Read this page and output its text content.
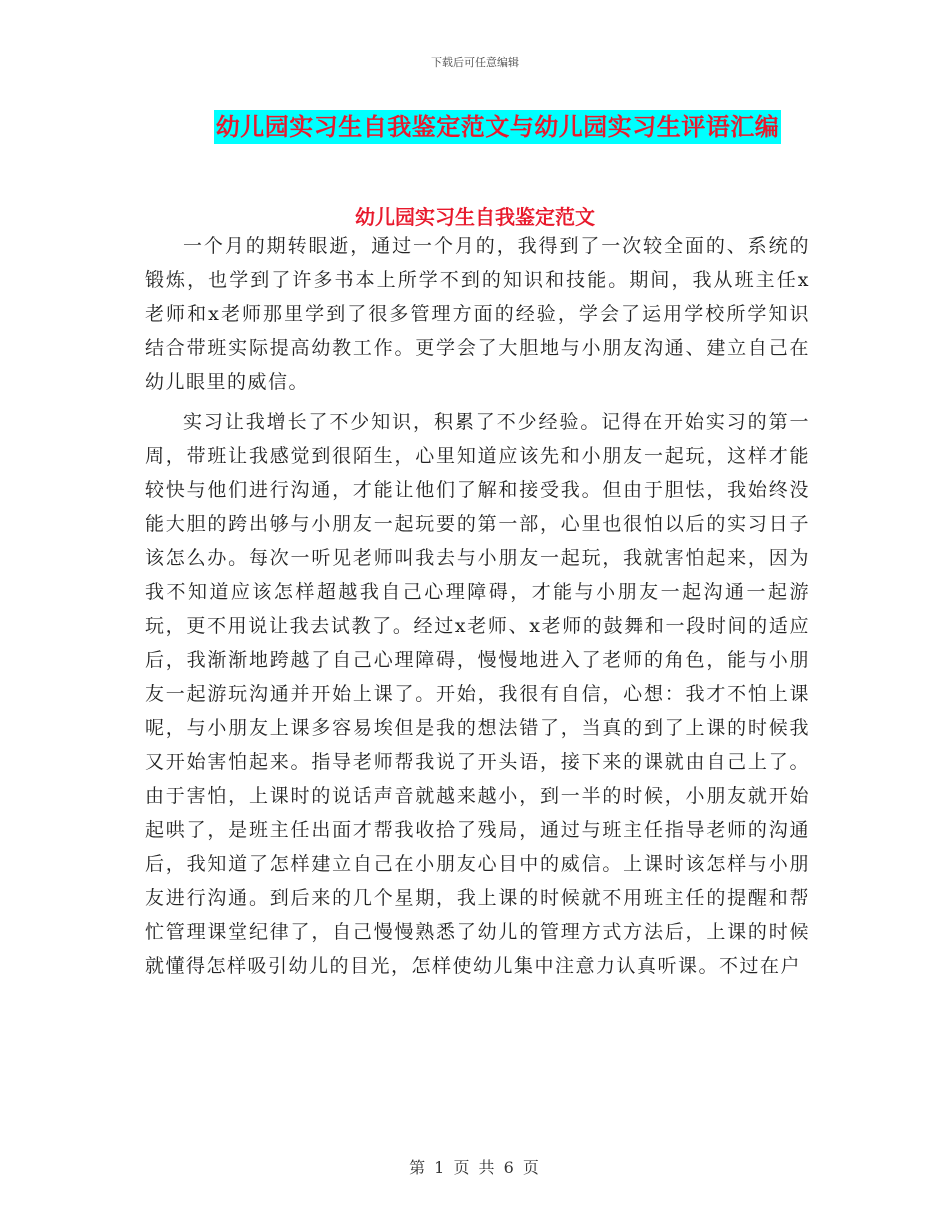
下载后可任意编辑
幼儿园实习生自我鉴定范文与幼儿园实习生评语汇编
幼儿园实习生自我鉴定范文

一个月的期转眼逝，通过一个月的，我得到了一次较全面的、系统的锻炼，也学到了许多书本上所学不到的知识和技能。期间，我从班主任x老师和x老师那里学到了很多管理方面的经验，学会了运用学校所学知识结合带班实际提高幼教工作。更学会了大胆地与小朋友沟通、建立自己在幼儿眼里的威信。

实习让我增长了不少知识，积累了不少经验。记得在开始实习的第一周，带班让我感觉到很陌生，心里知道应该先和小朋友一起玩，这样才能较快与他们进行沟通，才能让他们了解和接受我。但由于胆怯，我始终没能大胆的跨出够与小朋友一起玩要的第一部，心里也很怕以后的实习日子该怎么办。每次一听见老师叫我去与小朋友一起玩，我就害怕起来，因为我不知道应该怎样超越我自己心理障碍，才能与小朋友一起沟通一起游玩，更不用说让我去试教了。经过x老师、x老师的鼓舞和一段时间的适应后，我渐渐地跨越了自己心理障碍，慢慢地进入了老师的角色，能与小朋友一起游玩沟通并开始上课了。开始，我很有自信，心想：我才不怕上课呢，与小朋友上课多容易埃但是我的想法错了，当真的到了上课的时候我又开始害怕起来。指导老师帮我说了开头语，接下来的课就由自己上了。由于害怕，上课时的说话声音就越来越小，到一半的时候，小朋友就开始起哄了，是班主任出面才帮我收拾了残局，通过与班主任指导老师的沟通后，我知道了怎样建立自己在小朋友心目中的威信。上课时该怎样与小朋友进行沟通。到后来的几个星期，我上课的时候就不用班主任的提醒和帮忙管理课堂纪律了，自己慢慢熟悉了幼儿的管理方式方法后，上课的时候就懂得怎样吸引幼儿的目光，怎样使幼儿集中注意力认真听课。不过在户

第 1 页 共 6 页
